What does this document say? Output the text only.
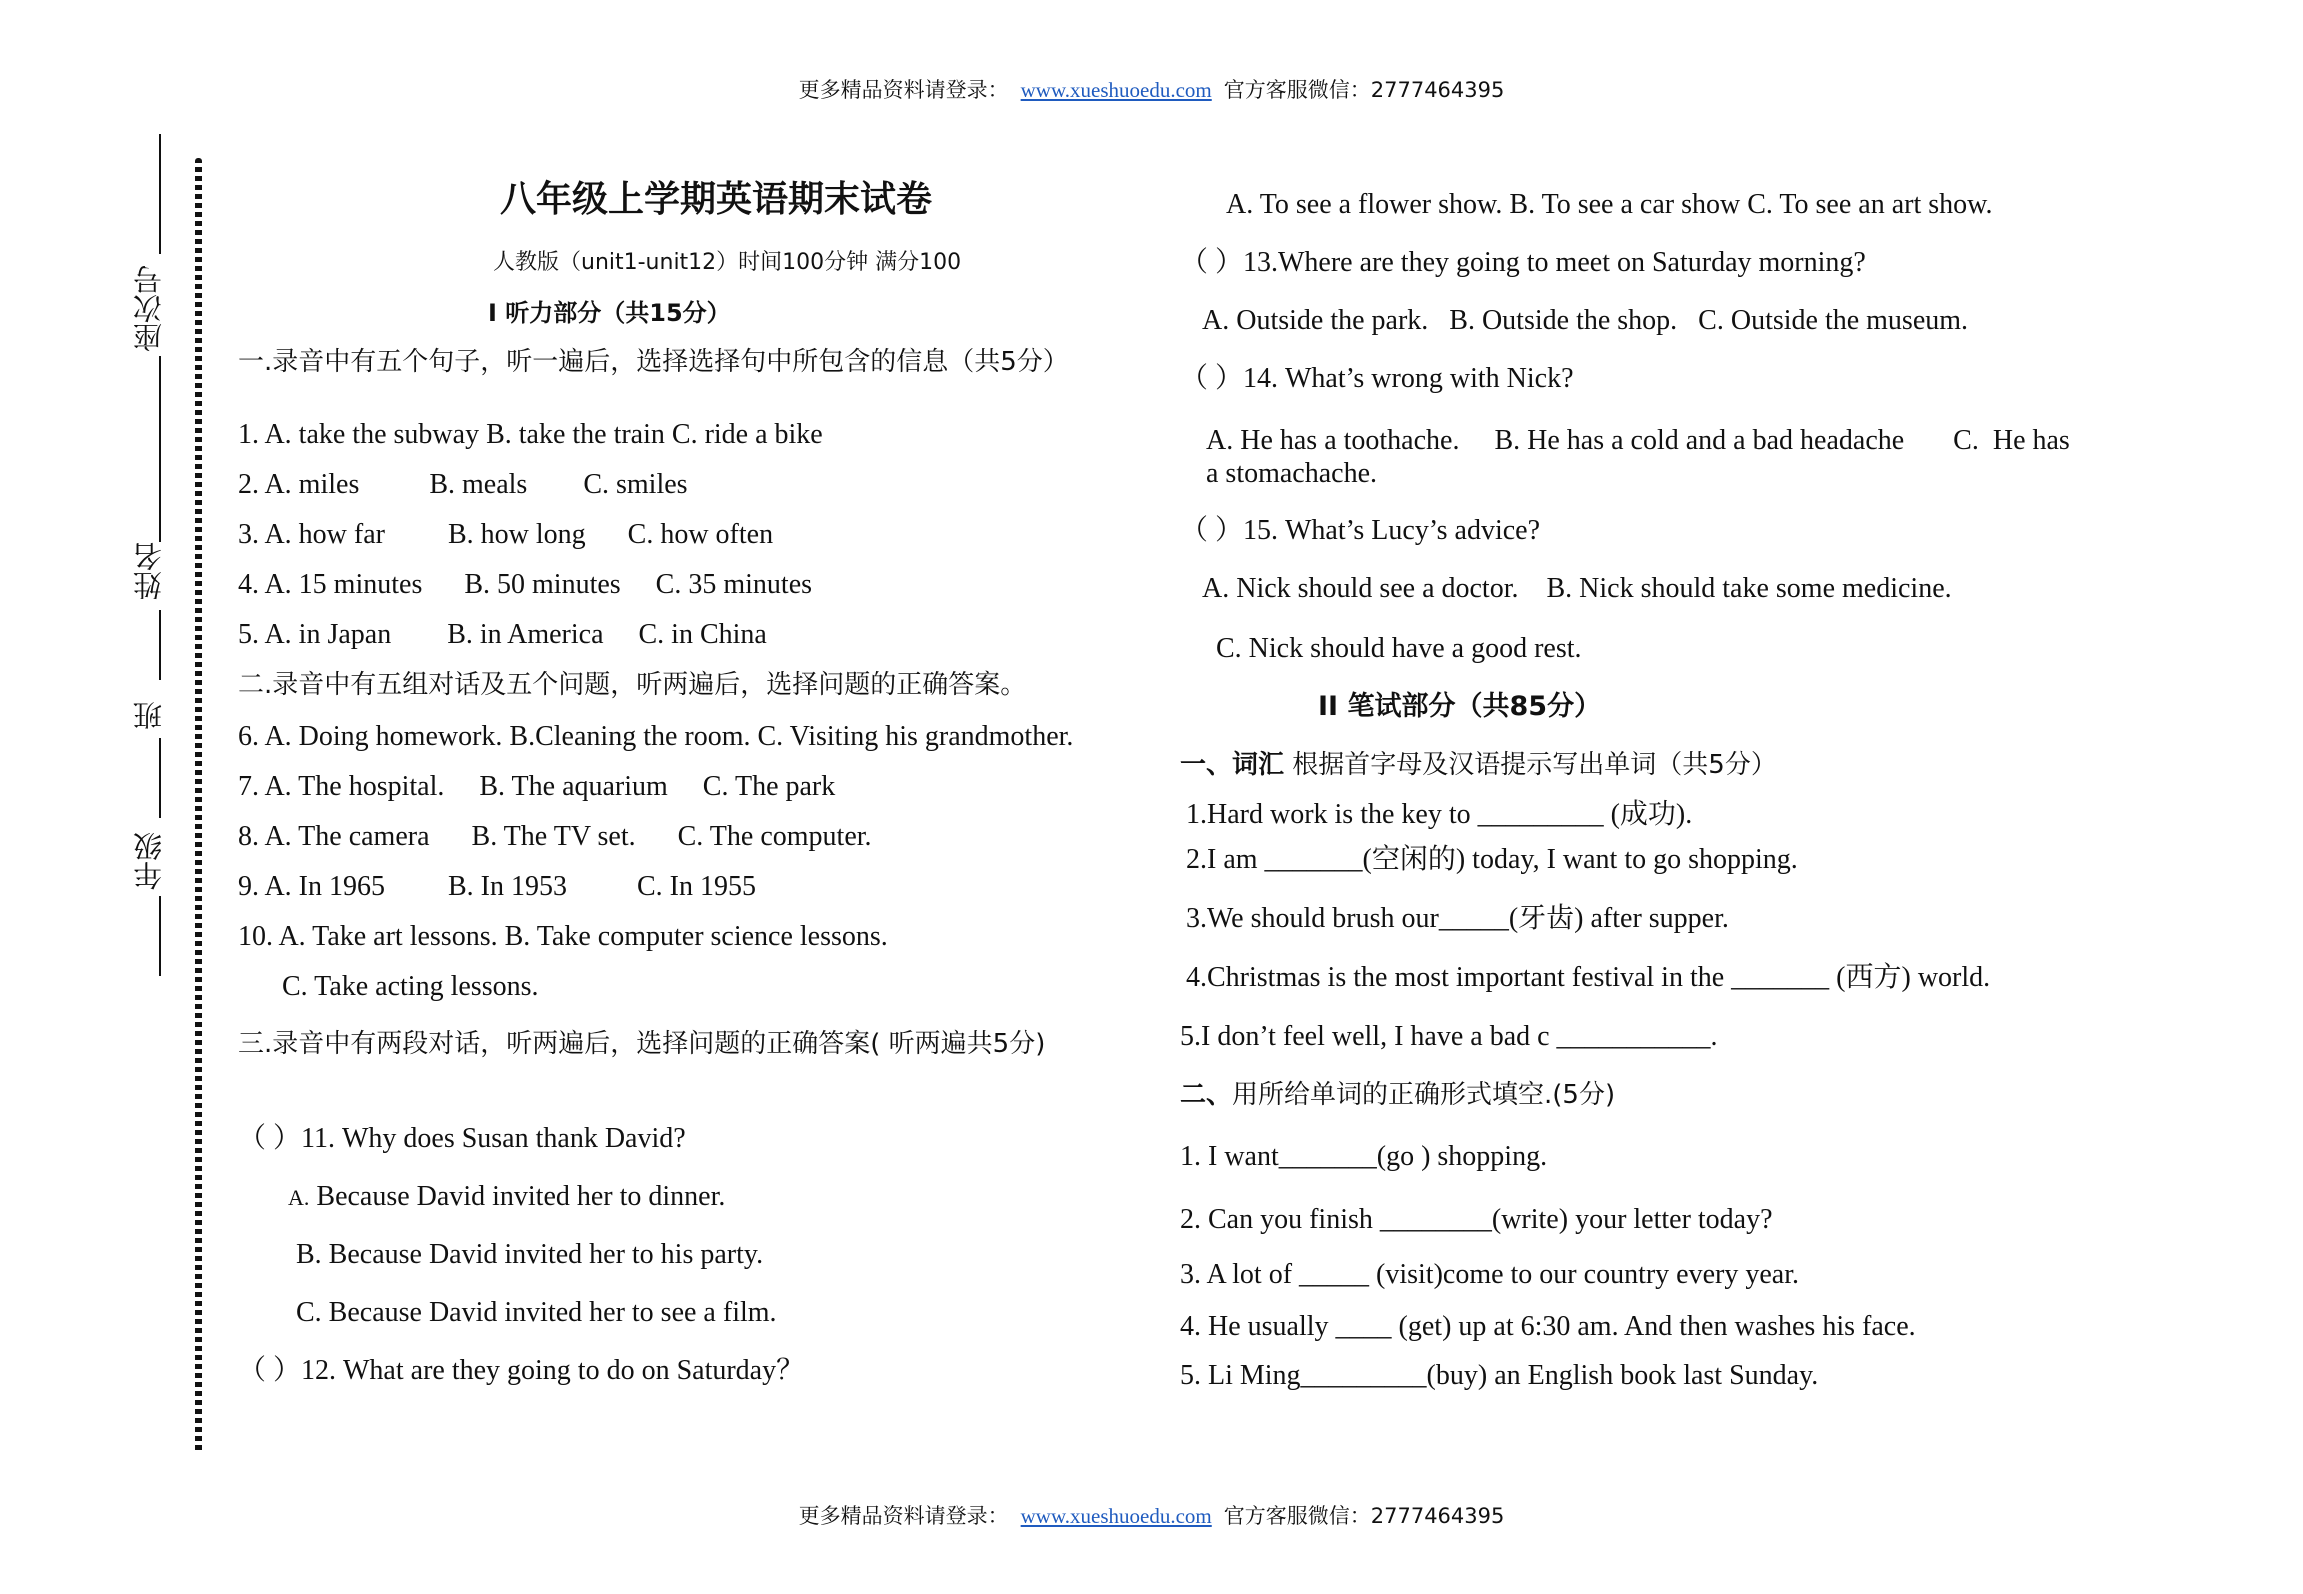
更多精品资料请登录： www.xueshuoedu.com 官方客服微信：2777464395
座次号
姓名
班
年级
八年级上学期英语期末试卷
人教版（unit1-unit12）时间100分钟 满分100
I 听力部分（共15分）
一.录音中有五个句子，听一遍后，选择选择句中所包含的信息（共5分）
1. A. take the subway B. take the train C. ride a bike
2. A. miles          B. meals        C. smiles
3. A. how far         B. how long      C. how often
4. A. 15 minutes      B. 50 minutes     C. 35 minutes
5. A. in Japan        B. in America     C. in China
二.录音中有五组对话及五个问题，听两遍后，选择问题的正确答案。
6. A. Doing homework. B.Cleaning the room. C. Visiting his grandmother.
7. A. The hospital.     B. The aquarium     C. The park
8. A. The camera      B. The TV set.      C. The computer.
9. A. In 1965         B. In 1953          C. In 1955
10. A. Take art lessons. B. Take computer science lessons.
C. Take acting lessons.
三.录音中有两段对话，听两遍后，选择问题的正确答案( 听两遍共5分)
（ ）11. Why does Susan thank David?
A. Because David invited her to dinner.
B. Because David invited her to his party.
C. Because David invited her to see a film.
（ ）12. What are they going to do on Saturday？
A. To see a flower show. B. To see a car show C. To see an art show.
（ ）13.Where are they going to meet on Saturday morning?
A. Outside the park.   B. Outside the shop.   C. Outside the museum.
（ ）14. What’s wrong with Nick?
A. He has a toothache.     B. He has a cold and a bad headache       C.  He has a stomachache.
（ ）15. What’s Lucy’s advice?
A. Nick should see a doctor.    B. Nick should take some medicine.
C. Nick should have a good rest.
II 笔试部分（共85分）
一、词汇 根据首字母及汉语提示写出单词（共5分）
1.Hard work is the key to _________ (成功).
2.I am _______(空闲的) today, I want to go shopping.
3.We should brush our_____(牙齿) after supper.
4.Christmas is the most important festival in the _______ (西方) world.
5.I don’t feel well, I have a bad c ___________.
二、用所给单词的正确形式填空.(5分)
1. I want_______(go ) shopping.
2. Can you finish ________(write) your letter today?
3. A lot of _____ (visit)come to our country every year.
4. He usually ____ (get) up at 6:30 am. And then washes his face.
5. Li Ming_________(buy) an English book last Sunday.
更多精品资料请登录： www.xueshuoedu.com 官方客服微信：2777464395
